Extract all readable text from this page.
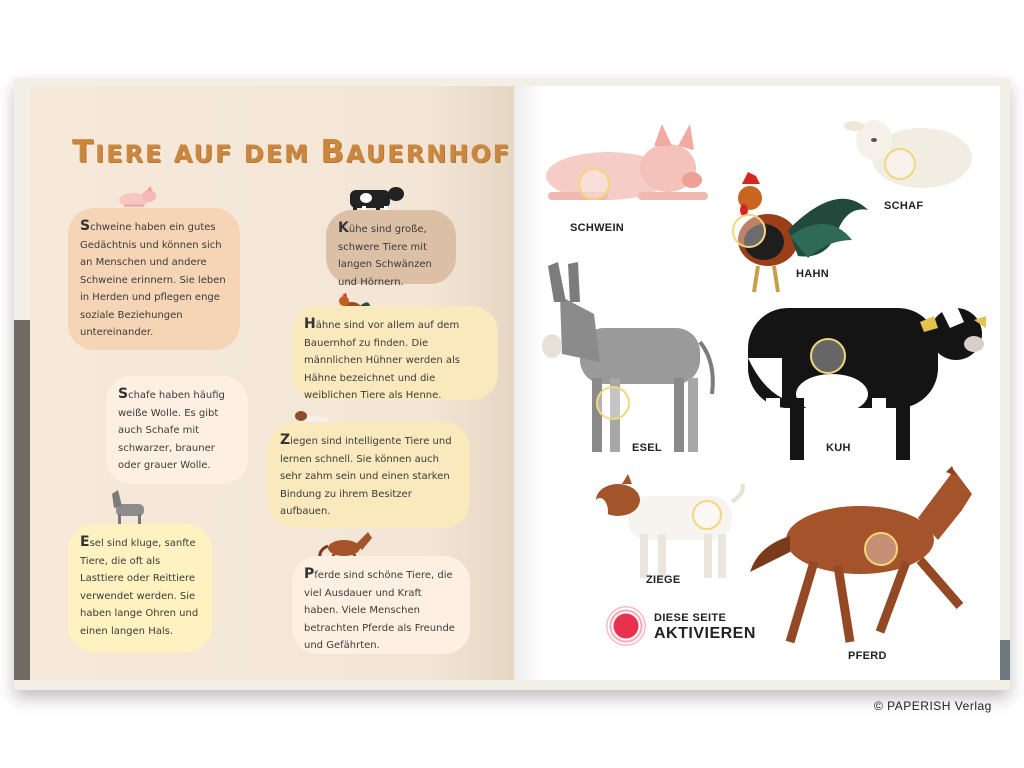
TIERE AUF DEM BAUERNHOF
Schweine haben ein gutes Gedächtnis und können sich an Menschen und andere Schweine erinnern. Sie leben in Herden und pflegen enge soziale Beziehungen untereinander.
Kühe sind große, schwere Tiere mit langen Schwänzen und Hörnern.
Hähne sind vor allem auf dem Bauernhof zu finden. Die männlichen Hühner werden als Hähne bezeichnet und die weiblichen Tiere als Henne.
Schafe haben häufig weiße Wolle. Es gibt auch Schafe mit schwarzer, brauner oder grauer Wolle.
Ziegen sind intelligente Tiere und lernen schnell. Sie können auch sehr zahm sein und einen starken Bindung zu ihrem Besitzer aufbauen.
Esel sind kluge, sanfte Tiere, die oft als Lasttiere oder Reittiere verwendet werden. Sie haben lange Ohren und einen langen Hals.
Pferde sind schöne Tiere, die viel Ausdauer und Kraft haben. Viele Menschen betrachten Pferde als Freunde und Gefährten.
SCHWEIN
SCHAF
HAHN
ESEL	KUH
ZIEGE
PFERD
DIESE SEITE
AKTIVIEREN
© PAPERISH Verlag
